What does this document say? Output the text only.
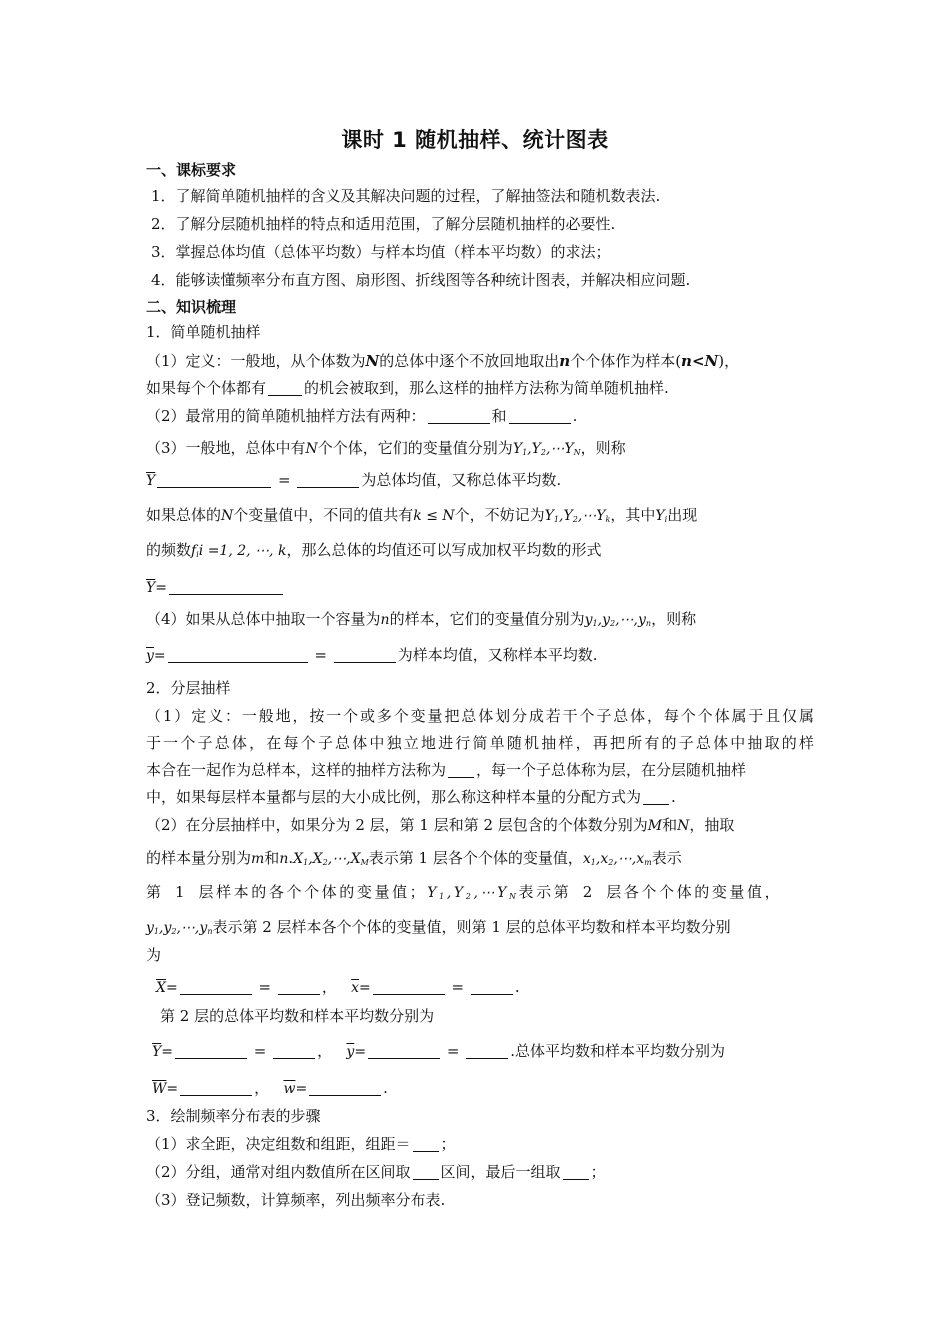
课时 1 随机抽样、统计图表
一、课标要求
1．了解简单随机抽样的含义及其解决问题的过程，了解抽签法和随机数表法.
2．了解分层随机抽样的特点和适用范围，了解分层随机抽样的必要性.
3．掌握总体均值（总体平均数）与样本均值（样本平均数）的求法；
4．能够读懂频率分布直方图、扇形图、折线图等各种统计图表，并解决相应问题.
二、知识梳理
1．简单随机抽样
（1）定义：一般地，从个体数为N的总体中逐个不放回地取出n个个体作为样本(n<N)，
如果每个个体都有	的机会被取到，那么这样的抽样方法称为简单随机抽样.
（2）最常用的简单随机抽样方法有两种：	和	.
（3）一般地，总体中有N个个体，它们的变量值分别为$Y_1,Y_2,\cdots Y_N$，则称
$\overline{Y}$	=	为总体均值，又称总体平均数.
如果总体的N个变量值中，不同的值共有k ≤ N个，不妨记为$Y_1,Y_2,\cdots Y_k$，其中$Y_i$出现
的频数$f_ii =1$, 2, ⋯, k，那么总体的均值还可以写成加权平均数的形式
$\overline{Y}=$
（4）如果从总体中抽取一个容量为n的样本，它们的变量值分别为$y_1,y_2,\cdots,y_n$，则称
$\overline{y}=$	=	为样本均值，又称样本平均数.
2．分层抽样
（1）定义：一般地，按一个或多个变量把总体划分成若干个子总体，每个个体属于且仅属
于一个子总体，在每个子总体中独立地进行简单随机抽样，再把所有的子总体中抽取的样
本合在一起作为总样本，这样的抽样方法称为 ，每一个子总体称为层，在分层随机抽样
中，如果每层样本量都与层的大小成比例，那么称这种样本量的分配方式为 .
（2）在分层抽样中，如果分为 2 层，第 1 层和第 2 层包含的个体数分别为M和N，抽取
的样本量分别为m和$n.X_1,X_2,\cdots,X_M$表示第 1 层各个个体的变量值，$x_1,x_2,\cdots,x_m$表示
第 1 层样本的各个个体的变量值；$Y_1,Y_2,\cdots Y_N$表示第 2 层各个个体的变量值，
$y_1,y_2,\cdots,y_n$表示第 2 层样本各个个体的变量值，则第 1 层的总体平均数和样本平均数分别
为
$\overline{X}=$	=	， $\overline{x}=$	=	.
第 2 层的总体平均数和样本平均数分别为
$\overline{Y}=$	=	， $\overline{y}=$	=	.总体平均数和样本平均数分别为
$\overline{W}=$	， $\overline{w}=$	.
3．绘制频率分布表的步骤
（1）求全距，决定组数和组距，组距＝ ；
（2）分组，通常对组内数值所在区间取 区间，最后一组取 ；
（3）登记频数，计算频率，列出频率分布表.
